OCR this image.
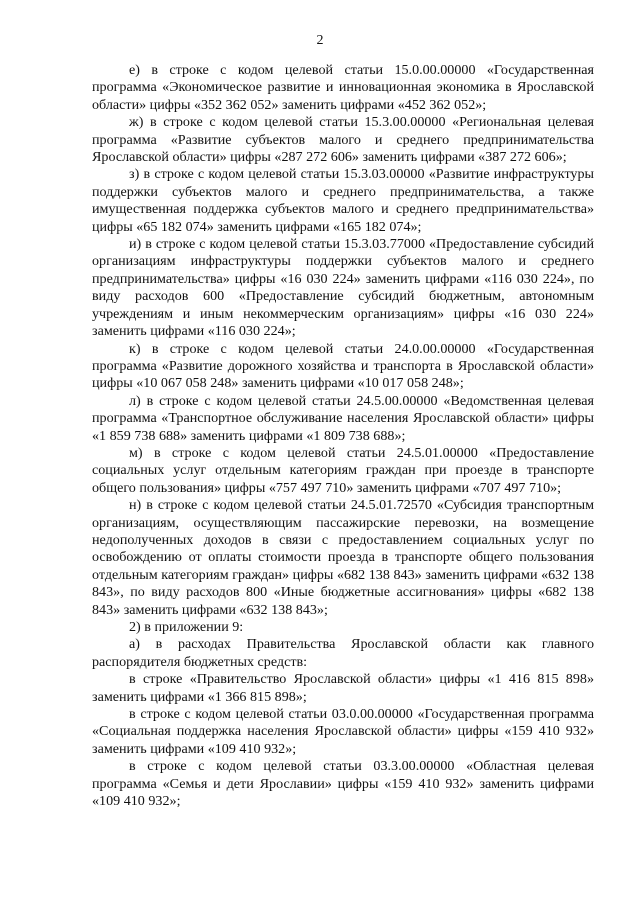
2

е) в строке с кодом целевой статьи 15.0.00.00000 «Государственная программа «Экономическое развитие и инновационная экономика в Ярославской области» цифры «352 362 052» заменить цифрами «452 362 052»;

ж) в строке с кодом целевой статьи 15.3.00.00000 «Региональная целевая программа «Развитие субъектов малого и среднего предпринимательства Ярославской области» цифры «287 272 606» заменить цифрами «387 272 606»;

з) в строке с кодом целевой статьи 15.3.03.00000 «Развитие инфраструктуры поддержки субъектов малого и среднего предпринимательства, а также имущественная поддержка субъектов малого и среднего предпринимательства» цифры «65 182 074» заменить цифрами «165 182 074»;

и) в строке с кодом целевой статьи 15.3.03.77000 «Предоставление субсидий организациям инфраструктуры поддержки субъектов малого и среднего предпринимательства» цифры «16 030 224» заменить цифрами «116 030 224», по виду расходов 600 «Предоставление субсидий бюджетным, автономным учреждениям и иным некоммерческим организациям» цифры «16 030 224» заменить цифрами «116 030 224»;

к) в строке с кодом целевой статьи 24.0.00.00000 «Государственная программа «Развитие дорожного хозяйства и транспорта в Ярославской области» цифры «10 067 058 248» заменить цифрами «10 017 058 248»;

л) в строке с кодом целевой статьи 24.5.00.00000 «Ведомственная целевая программа «Транспортное обслуживание населения Ярославской области» цифры «1 859 738 688» заменить цифрами «1 809 738 688»;

м) в строке с кодом целевой статьи 24.5.01.00000 «Предоставление социальных услуг отдельным категориям граждан при проезде в транспорте общего пользования» цифры «757 497 710» заменить цифрами «707 497 710»;

н) в строке с кодом целевой статьи 24.5.01.72570 «Субсидия транспортным организациям, осуществляющим пассажирские перевозки, на возмещение недополученных доходов в связи с предоставлением социальных услуг по освобождению от оплаты стоимости проезда в транспорте общего пользования отдельным категориям граждан» цифры «682 138 843» заменить цифрами «632 138 843», по виду расходов 800 «Иные бюджетные ассигнования» цифры «682 138 843» заменить цифрами «632 138 843»;

2) в приложении 9:

а) в расходах Правительства Ярославской области как главного распорядителя бюджетных средств:

в строке «Правительство Ярославской области» цифры «1 416 815 898» заменить цифрами «1 366 815 898»;

в строке с кодом целевой статьи 03.0.00.00000 «Государственная программа «Социальная поддержка населения Ярославской области» цифры «159 410 932» заменить цифрами «109 410 932»;

в строке с кодом целевой статьи 03.3.00.00000 «Областная целевая программа «Семья и дети Ярославии» цифры «159 410 932» заменить цифрами «109 410 932»;
